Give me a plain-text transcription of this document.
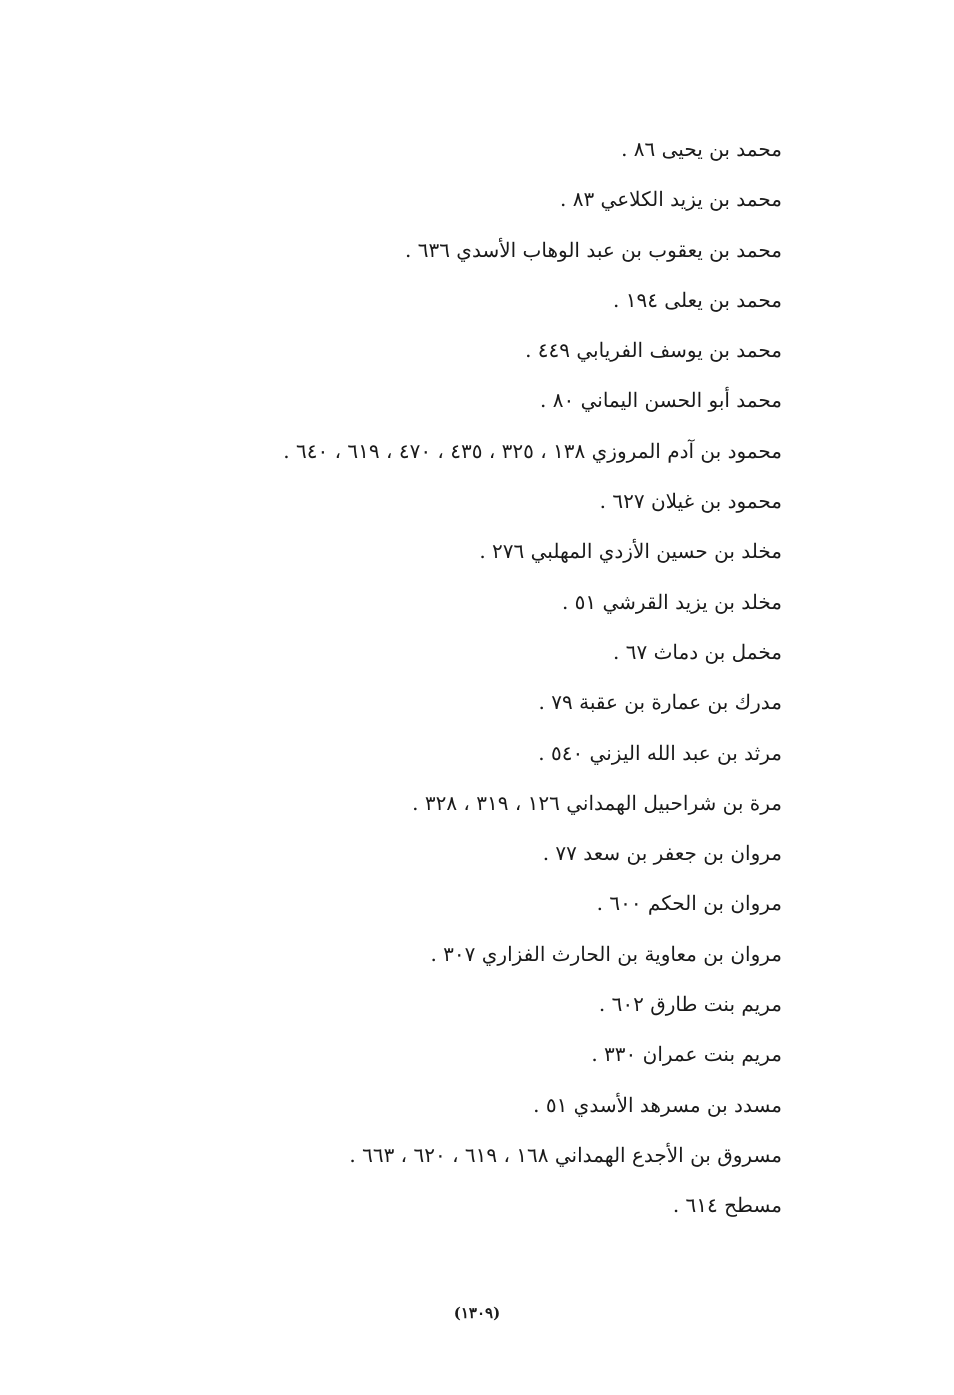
محمد بن يحيى ٨٦ .
محمد بن يزيد الكلاعي ٨٣ .
محمد بن يعقوب بن عبد الوهاب الأسدي ٦٣٦ .
محمد بن يعلى ١٩٤ .
محمد بن يوسف الفريابي ٤٤٩ .
محمد أبو الحسن اليماني ٨٠ .
محمود بن آدم المروزي ١٣٨ ، ٣٢٥ ، ٤٣٥ ، ٤٧٠ ، ٦١٩ ، ٦٤٠ .
محمود بن غيلان ٦٢٧ .
مخلد بن حسين الأزدي المهلبي ٢٧٦ .
مخلد بن يزيد القرشي ٥١ .
مخمل بن دماث ٦٧ .
مدرك بن عمارة بن عقبة ٧٩ .
مرثد بن عبد الله اليزني ٥٤٠ .
مرة بن شراحبيل الهمداني ١٢٦ ، ٣١٩ ، ٣٢٨ .
مروان بن جعفر بن سعد ٧٧ .
مروان بن الحكم ٦٠٠ .
مروان بن معاوية بن الحارث الفزاري ٣٠٧ .
مريم بنت طارق ٦٠٢ .
مريم بنت عمران ٣٣٠ .
مسدد بن مسرهد الأسدي ٥١ .
مسروق بن الأجدع الهمداني ١٦٨ ، ٦١٩ ، ٦٢٠ ، ٦٦٣ .
مسطح ٦١٤ .
(١٣٠٩)
